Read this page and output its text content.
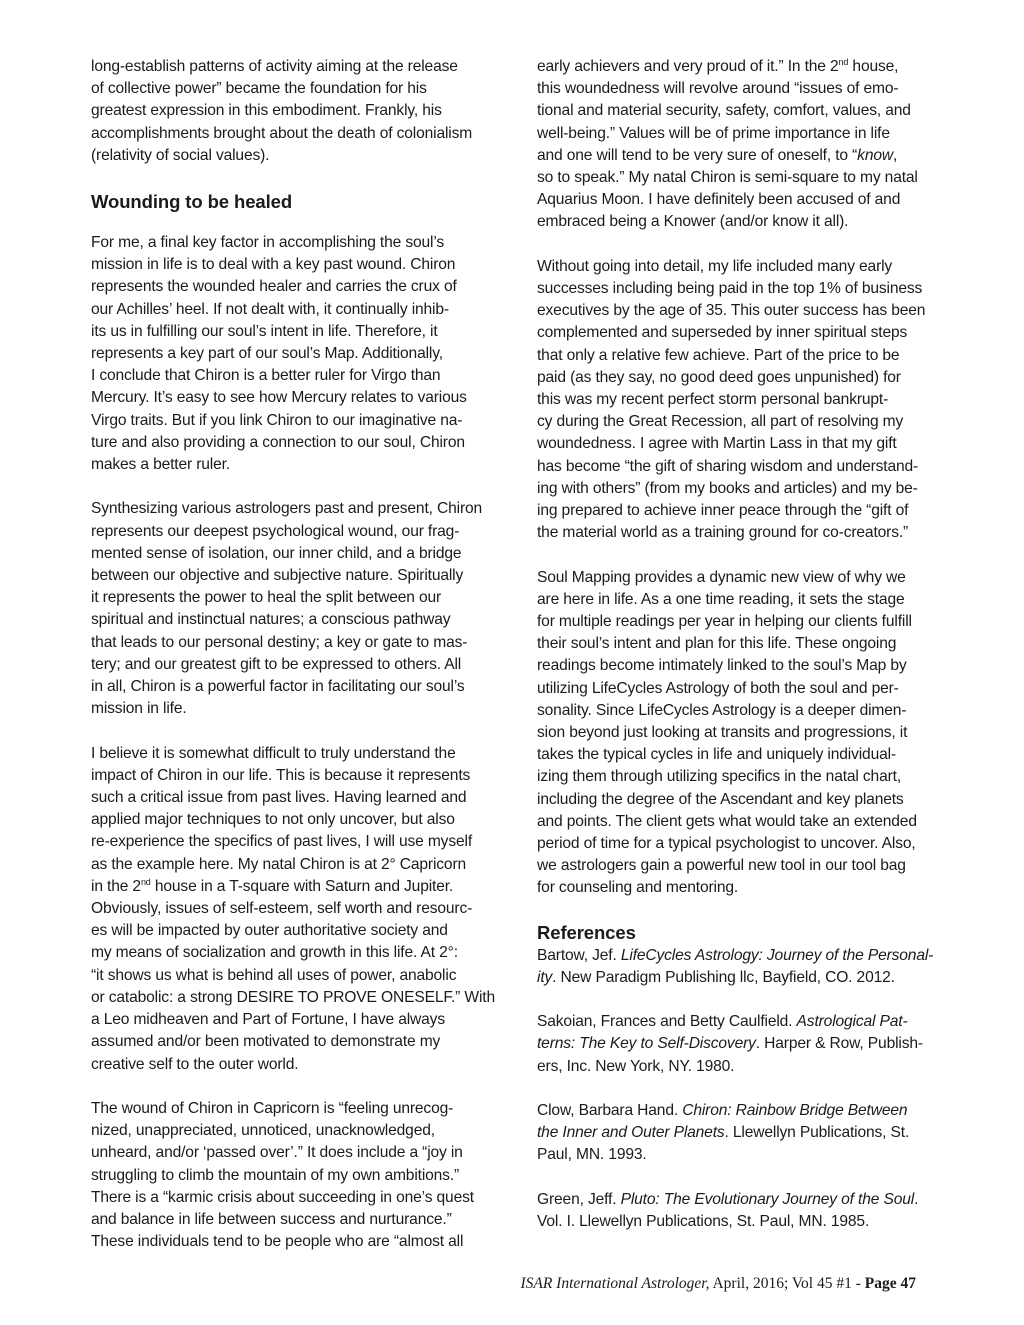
long-establish patterns of activity aiming at the release
of collective power” became the foundation for his
greatest expression in this embodiment. Frankly, his
accomplishments brought about the death of colonialism
(relativity of social values).

Wounding to be healed

For me, a final key factor in accomplishing the soul’s
mission in life is to deal with a key past wound. Chiron
represents the wounded healer and carries the crux of
our Achilles’ heel. If not dealt with, it continually inhib-
its us in fulfilling our soul’s intent in life. Therefore, it
represents a key part of our soul’s Map. Additionally,
I conclude that Chiron is a better ruler for Virgo than
Mercury. It’s easy to see how Mercury relates to various
Virgo traits. But if you link Chiron to our imaginative na-
ture and also providing a connection to our soul, Chiron
makes a better ruler.

Synthesizing various astrologers past and present, Chiron
represents our deepest psychological wound, our frag-
mented sense of isolation, our inner child, and a bridge
between our objective and subjective nature. Spiritually
it represents the power to heal the split between our
spiritual and instinctual natures; a conscious pathway
that leads to our personal destiny; a key or gate to mas-
tery; and our greatest gift to be expressed to others. All
in all, Chiron is a powerful factor in facilitating our soul’s
mission in life.

I believe it is somewhat difficult to truly understand the
impact of Chiron in our life. This is because it represents
such a critical issue from past lives. Having learned and
applied major techniques to not only uncover, but also
re-experience the specifics of past lives, I will use myself
as the example here. My natal Chiron is at 2° Capricorn
in the 2nd house in a T-square with Saturn and Jupiter.
Obviously, issues of self-esteem, self worth and resourc-
es will be impacted by outer authoritative society and
my means of socialization and growth in this life. At 2°:
“it shows us what is behind all uses of power, anabolic
or catabolic: a strong DESIRE TO PROVE ONESELF.” With
a Leo midheaven and Part of Fortune, I have always
assumed and/or been motivated to demonstrate my
creative self to the outer world.

The wound of Chiron in Capricorn is “feeling unrecog-
nized, unappreciated, unnoticed, unacknowledged,
unheard, and/or ‘passed over’.” It does include a “joy in
struggling to climb the mountain of my own ambitions.”
There is a “karmic crisis about succeeding in one’s quest
and balance in life between success and nurturance.”
These individuals tend to be people who are “almost all

early achievers and very proud of it.” In the 2nd house,
this woundedness will revolve around “issues of emo-
tional and material security, safety, comfort, values, and
well-being.” Values will be of prime importance in life
and one will tend to be very sure of oneself, to “know,
so to speak.” My natal Chiron is semi-square to my natal
Aquarius Moon. I have definitely been accused of and
embraced being a Knower (and/or know it all).

Without going into detail, my life included many early
successes including being paid in the top 1% of business
executives by the age of 35. This outer success has been
complemented and superseded by inner spiritual steps
that only a relative few achieve. Part of the price to be
paid (as they say, no good deed goes unpunished) for
this was my recent perfect storm personal bankrupt-
cy during the Great Recession, all part of resolving my
woundedness. I agree with Martin Lass in that my gift
has become “the gift of sharing wisdom and understand-
ing with others” (from my books and articles) and my be-
ing prepared to achieve inner peace through the “gift of
the material world as a training ground for co-creators.”

Soul Mapping provides a dynamic new view of why we
are here in life. As a one time reading, it sets the stage
for multiple readings per year in helping our clients fulfill
their soul’s intent and plan for this life. These ongoing
readings become intimately linked to the soul’s Map by
utilizing LifeCycles Astrology of both the soul and per-
sonality. Since LifeCycles Astrology is a deeper dimen-
sion beyond just looking at transits and progressions, it
takes the typical cycles in life and uniquely individual-
izing them through utilizing specifics in the natal chart,
including the degree of the Ascendant and key planets
and points. The client gets what would take an extended
period of time for a typical psychologist to uncover. Also,
we astrologers gain a powerful new tool in our tool bag
for counseling and mentoring.

References

Bartow, Jef. LifeCycles Astrology: Journey of the Personal-
ity. New Paradigm Publishing llc, Bayfield, CO. 2012.

Sakoian, Frances and Betty Caulfield. Astrological Pat-
terns: The Key to Self-Discovery. Harper & Row, Publish-
ers, Inc. New York, NY. 1980.

Clow, Barbara Hand. Chiron: Rainbow Bridge Between
the Inner and Outer Planets. Llewellyn Publications, St.
Paul, MN. 1993.

Green, Jeff. Pluto: The Evolutionary Journey of the Soul.
Vol. I. Llewellyn Publications, St. Paul, MN. 1985.

ISAR International Astrologer, April, 2016; Vol 45 #1 - Page 47
